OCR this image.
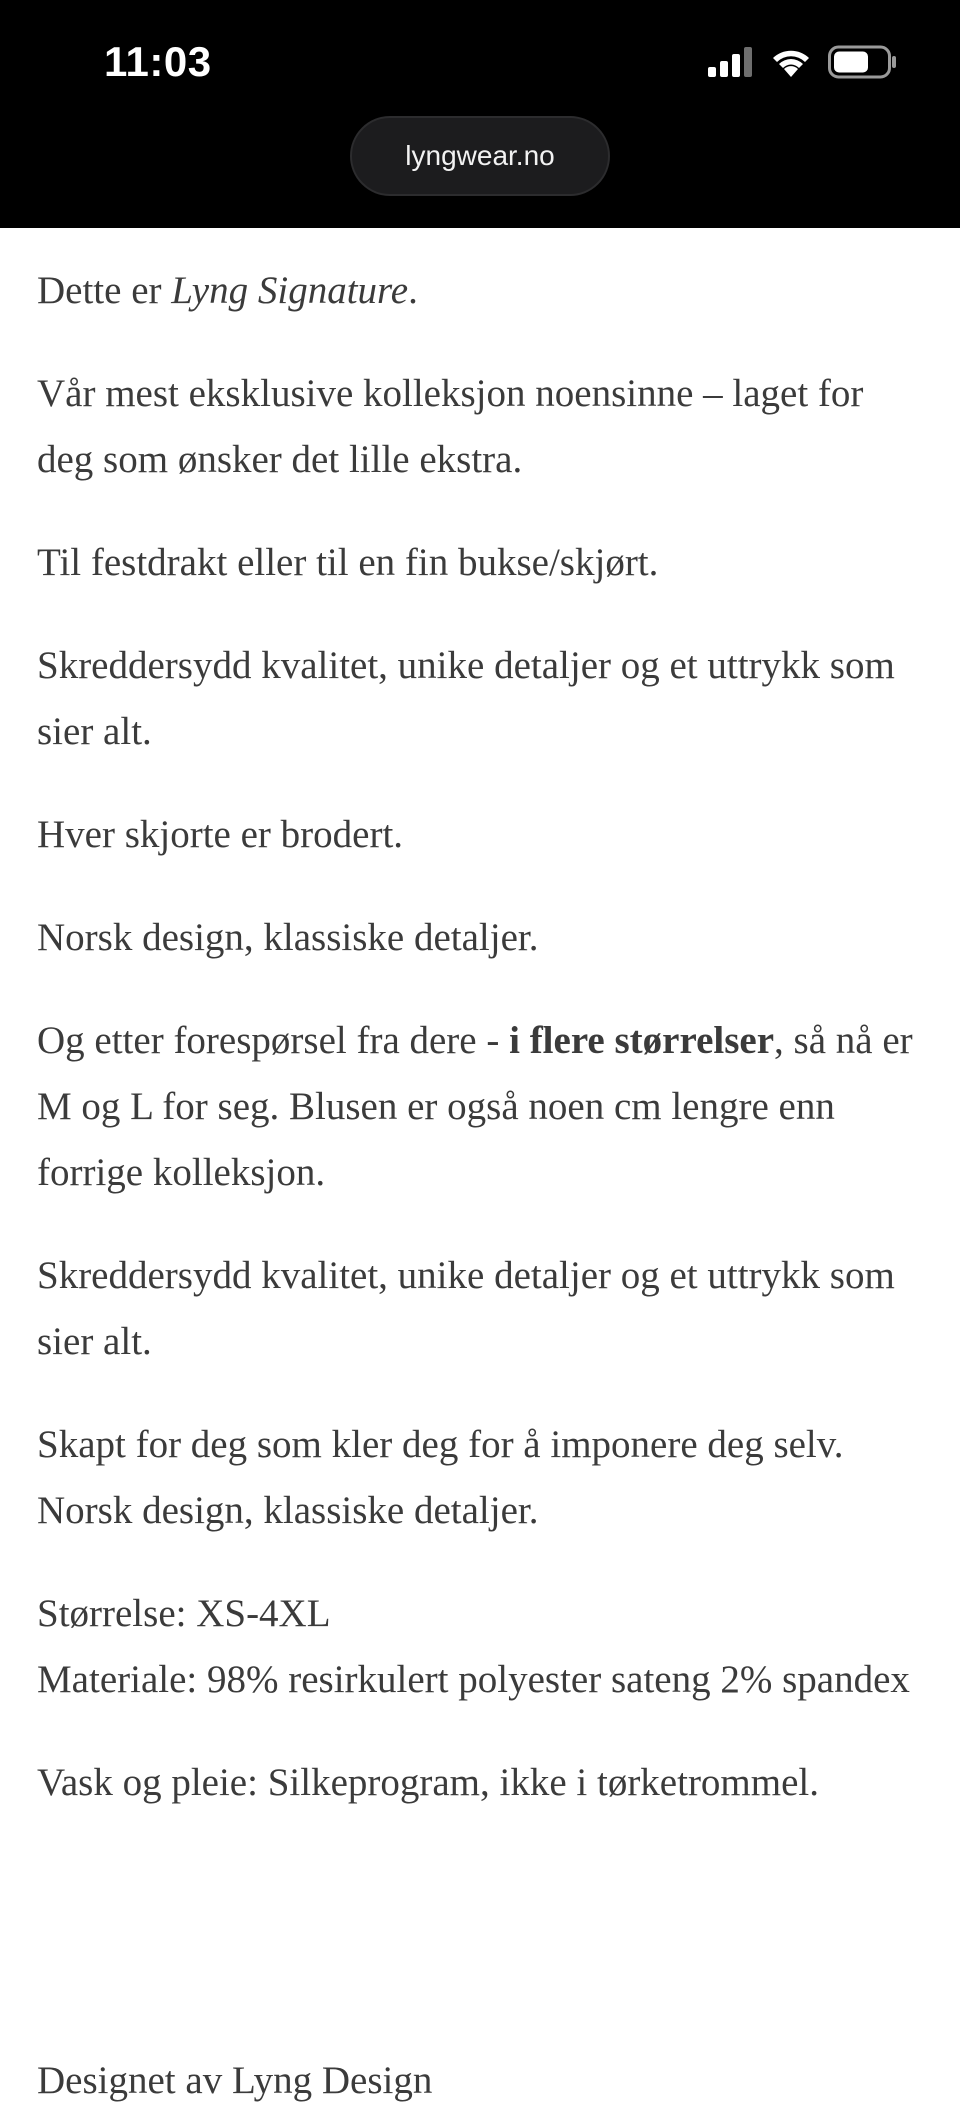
11:03
lyngwear.no

Dette er Lyng Signature.

Vår mest eksklusive kolleksjon noensinne – laget for deg som ønsker det lille ekstra.

Til festdrakt eller til en fin bukse/skjørt.

Skreddersydd kvalitet, unike detaljer og et uttrykk som sier alt.

Hver skjorte er brodert.

Norsk design, klassiske detaljer.

Og etter forespørsel fra dere - i flere størrelser, så nå er M og L for seg. Blusen er også noen cm lengre enn forrige kolleksjon.

Skreddersydd kvalitet, unike detaljer og et uttrykk som sier alt.

Skapt for deg som kler deg for å imponere deg selv. Norsk design, klassiske detaljer.

Størrelse: XS-4XL
Materiale: 98% resirkulert polyester sateng 2% spandex

Vask og pleie: Silkeprogram, ikke i tørketrommel.

Designet av Lyng Design
